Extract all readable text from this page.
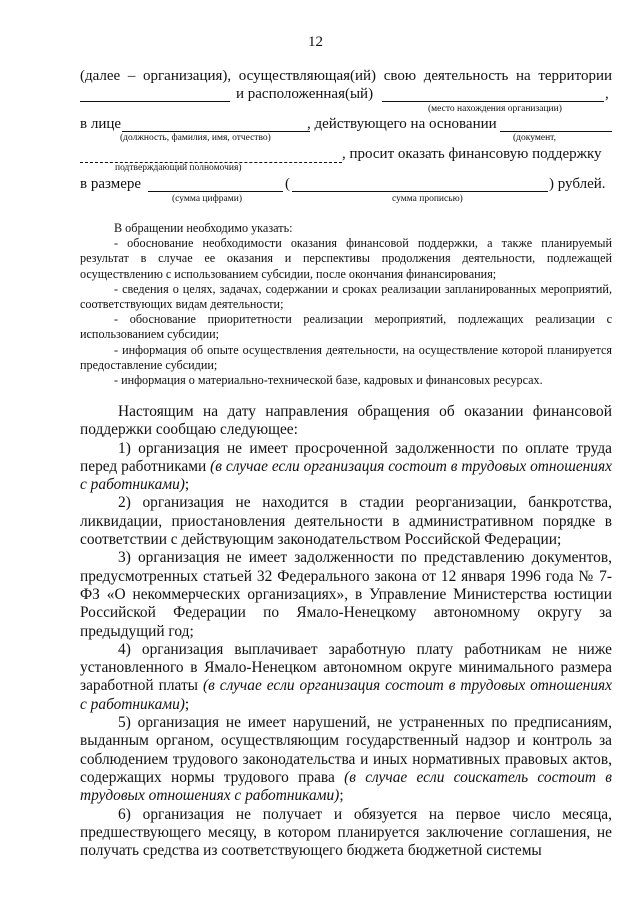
12
(далее – организация), осуществляющая(ий) свою деятельность на территории
и расположенная(ый)	,
(место нахождения организации)
в лице	, действующего на основании
(должность, фамилия, имя, отчество)	(документ,
, просит оказать финансовую поддержку
подтверждающий полномочия)
в размере	(	) рублей.
(сумма цифрами)	сумма прописью)

В обращении необходимо указать:

- обоснование необходимости оказания финансовой поддержки, а также планируемый результат в случае ее оказания и перспективы продолжения деятельности, подлежащей осуществлению с использованием субсидии, после окончания финансирования;

- сведения о целях, задачах, содержании и сроках реализации запланированных мероприятий, соответствующих видам деятельности;

- обоснование приоритетности реализации мероприятий, подлежащих реализации с использованием субсидии;

- информация об опыте осуществления деятельности, на осуществление которой планируется предоставление субсидии;

- информация о материально-технической базе, кадровых и финансовых ресурсах.

Настоящим на дату направления обращения об оказании финансовой поддержки сообщаю следующее:

1) организация не имеет просроченной задолженности по оплате труда перед работниками (в случае если организация состоит в трудовых отношениях с работниками);

2) организация не находится в стадии реорганизации, банкротства, ликвидации, приостановления деятельности в административном порядке в соответствии с действующим законодательством Российской Федерации;

3) организация не имеет задолженности по представлению документов, предусмотренных статьей 32 Федерального закона от 12 января 1996 года № 7-ФЗ «О некоммерческих организациях», в Управление Министерства юстиции Российской Федерации по Ямало-Ненецкому автономному округу за предыдущий год;

4) организация выплачивает заработную плату работникам не ниже установленного в Ямало-Ненецком автономном округе минимального размера заработной платы (в случае если организация состоит в трудовых отношениях с работниками);

5) организация не имеет нарушений, не устраненных по предписаниям, выданным органом, осуществляющим государственный надзор и контроль за соблюдением трудового законодательства и иных нормативных правовых актов, содержащих нормы трудового права (в случае если соискатель состоит в трудовых отношениях с работниками);

6) организация не получает и обязуется на первое число месяца, предшествующего месяцу, в котором планируется заключение соглашения, не получать средства из соответствующего бюджета бюджетной системы
